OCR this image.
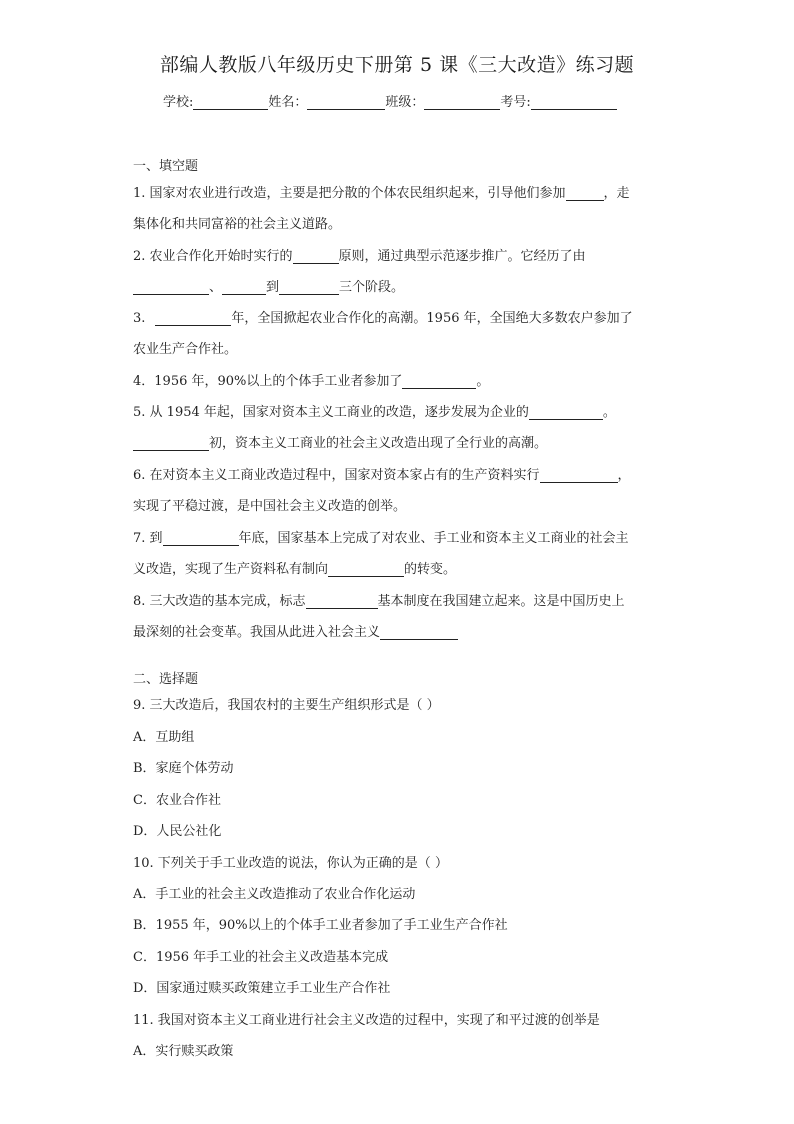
部编人教版八年级历史下册第 5 课《三大改造》练习题
学校:	姓名：	班级：	考号:
一、填空题
1. 国家对农业进行改造，主要是把分散的个体农民组织起来，引导他们参加	，走
集体化和共同富裕的社会主义道路。
2. 农业合作化开始时实行的	原则，通过典型示范逐步推广。它经历了由
、	到	三个阶段。
3.	年，全国掀起农业合作化的高潮。1956 年，全国绝大多数农户参加了
农业生产合作社。
4．1956 年，90%以上的个体手工业者参加了	。
5. 从 1954 年起，国家对资本主义工商业的改造，逐步发展为企业的	。
初，资本主义工商业的社会主义改造出现了全行业的高潮。
6. 在对资本主义工商业改造过程中，国家对资本家占有的生产资料实行	，
实现了平稳过渡，是中国社会主义改造的创举。
7. 到	年底，国家基本上完成了对农业、手工业和资本主义工商业的社会主
义改造，实现了生产资料私有制向	的转变。
8. 三大改造的基本完成，标志	基本制度在我国建立起来。这是中国历史上
最深刻的社会变革。我国从此进入社会主义
二、选择题
9. 三大改造后，我国农村的主要生产组织形式是（ ）
A．互助组
B．家庭个体劳动
C．农业合作社
D．人民公社化
10. 下列关于手工业改造的说法，你认为正确的是（ ）
A．手工业的社会主义改造推动了农业合作化运动
B．1955 年，90%以上的个体手工业者参加了手工业生产合作社
C．1956 年手工业的社会主义改造基本完成
D．国家通过赎买政策建立手工业生产合作社
11. 我国对资本主义工商业进行社会主义改造的过程中，实现了和平过渡的创举是
A．实行赎买政策
